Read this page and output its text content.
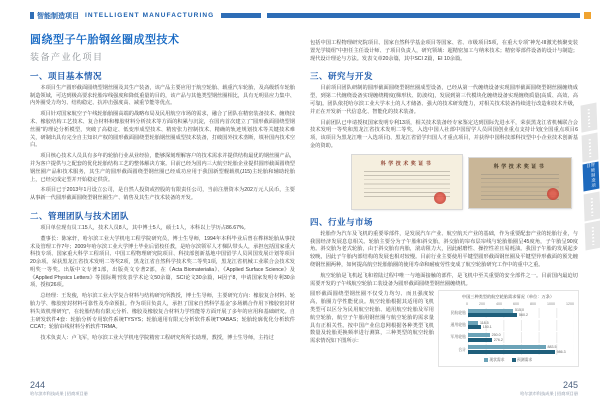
智能制造项目 INTELLIGENT MANUFACTURING
圆绕型子午胎钢丝圈成型技术
装备产业化项目
一、项目基本情况

本项目生产圆形截面圆绕型钢丝圈及其生产装备，该产品主要应用于航空轮胎、载重汽车轮胎，及高级轿车轮胎制造领域，可达到极高要求轮胎帘线强度和降低重量的目的，该产品与其他类型钢丝圈相比，具有无明显应力集中、内外圈受力均匀、结构稳定、抗冲击强度高、减重节能等优点。

项目针对国家航空子午线轮胎胎圈高端的战略布局及民用航空市场的需求，融合了团队在精密装备技术、缠绕技术、橡胶结构工艺技术、复合材料和橡胶材料分析技术等方面的积累与沉淀，在国内首次建立了“圆形截面圆绕型钢丝圈”的理论分析模型，突破了高稳定、低变形成型技术、精密张力控制技术、精确的轨迹规划技术等关键技术难关，研制出具有完全自主知识产权的圆形截面圆绕型轮胎钢丝圈成型技术装备，打破国外技术垄断，填补国内技术空白。

项目核心技术人员具有多年的轮胎行业从业经验，能够深刻理解客户的技术需求并提供结构最优的钢丝圈产品，并为客户提供与之配套的优化轮胎结构工艺的整体解决方案。目前已经为国内三大航空轮胎企业提供圆形截面圆绕型钢丝圈产品和技术服务，其生产的圆形截面圆绕型钢丝圈已经成功应用于我国新型舰载机(J15)主轮胎和辅助轮胎上，已经完成定型并开始稳定供货。

本项目已于2013年1月设立公司，是自然人投资或控股的有限责任公司，当前注册资本为202万元人民币，主要从事新一代圆形截面圆绕型钢丝圈生产、销售及其生产技术装备的开发。

二、管理团队与技术团队

项目单位现有员工15人，技术人员8人，其中博士5人，硕士1人，本科以上学历占86.67%。

董事长：陈家轩，哈尔滨工业大学机电工程学院研究员，博士生导师，1994年本科毕业后曾在桦林轮胎从事技术及管理工作7年；2009年哈尔滨工业大学博士毕业后留校任教，是哈尔滨领军人才梯队带头人，承担包括国家重大科技专项、国家重大科学工程项目、中国工程物理研究院项目、科技部创新基地中国留学人员回国发展计划等项目20余项。荣获黑龙江省技术发明二等奖2项，黑龙江省自然科学技术奖二等奖1项，黑龙江省机械工业联合会技术发明奖一等奖。出版中文专著1部，出版英文专著2部，在《Acta Biomaterialia》、《Applied Surface Science》及《Applied Physics Letters》等国际期刊发表学术论文50余篇，SCI论文30余篇，H因子8，申请国家发明专利30余项，授权26项。

总经理：王发俊，哈尔滨工业大学复合材料与结构研究所教授，博士生导师，主要研究方向：橡胶复合材料、轮胎力学、橡胶密封材料可靠性及寿命预报。作为项目负责人，承担了国家自然科学基金“多场耦合作用下橡胶密封材料失效机理研究”，在轮胎结构有限元分析、橡胶及橡胶复合材料力学性能等方面开展了多年的应用和基础研究。自主研发软件4套：轮胎分析专用软件系统TYSYS；轮胎通用有限元分析软件系统TYABAS；轮胎轮廓优化分析软件CCAT；轮胎帘线材料分析软件TRMA。

技术负责人：卢飞军，哈尔滨工业大学机电学院精密工程研究所所长助理，教授，博士生导师，主持过

244
哈尔滨市科技成果 | 招商项目册

包括中国工程物理研究院项目、国家自然科学基金项目等国家、省、市级项目5项，在重大专项“神光-III激光核聚变装置光学镜组”中担任主任设计师、子项目负责人，研究领域：超精密加工与纳米技术；精密零部件设备的设计与制造；现代设计理论与方法。发表文章20余篇，其中SCI 2篇，EI 10余篇。

三、研究与开发

目前项目团队研制的圆形截面圆绕型钢丝圈成型设备，已经从第一代缠绕设备实现圆形截面圆绕型钢丝圈缠绕成型，到第二代缠绕设备实现缠绕精度(梯形状、防波纹)，发展到第三代模块化缠绕设备实现缠绕质量(高质、高效、高可靠)。团队依托哈尔滨工业大学本土的人才储备、强大的技术研发能力，对相关技术装备持续进行改造和技术升级，并正在开发新一代信息化、智能化的技术装备。

目前团队已申请授权国家发明专利13项，相关技术装备经专家鉴定达到国际先进水平，荣获黑龙江省机械联合会技术发明一等奖和黑龙江省技术发明二等奖，入选中国人社部中国留学人员回国创业重点支持计划(全国重点项目6项，该项目为黑龙江唯一入选项目)、黑龙江省留学归国人才重点项目，并获得中国科技部科技型中小企业技术创新基金的资助。

科学技术奖证书	科学技术奖证书
四、行业与市场

轮胎作为汽车及飞机的重要零部件，是发展汽车产业、航空航天产业的基础，作为重要配套产业的轮胎行业，与我国经济发展息息相关。轮胎主要分为子午胎和斜交胎，斜交胎的帘布层帘线与轮胎胎圈呈45度角，子午胎呈90度角。斜交胎为老式轮胎，由于斜交胎有内胎，滚动阻力大，因此耐磨性、操控性差且易耗油。我国子午胎的发展起步较晚，因此子午胎内部结构的发展也相对较慢。目前行业主要使用平键型圆形截面钢丝圈及平键型异形截面的预先缠绕钢丝圈两种，如何提高航空轮胎胎圈的使用寿命和耐疲劳性变成了航空轮胎研究工作中的重中之重。

航空轮胎是飞机起飞和着陆过程中唯一与地面接触的部件，是飞机中至关重要的安全部件之一。目前国内最迫切需要开发的子午线航空轮胎工装设备为圆形截面圆绕型钢丝圈缠绕机。

圆形截面圆绕型钢丝圈不仅受力均匀、而且强度较高，胎圈力学性能优良。航空轮胎根据其适用的飞机类型可以区分为民用航空轮胎、通用航空轮胎及军用航空轮胎，航空子午胎用钢丝圈与航空轮胎的需求量具有正相关性。按中国产业信息网根据各种类型飞机数量及轮胎更换频率进行测算，三种类型的航空轮胎需求情况如下图所示：

中国三种类型的航空轮胎需求情况（单位：万条）
0	200	400	600	800	1000	1200
民航轮胎	515.0
560.2
通用轮胎	118.5
150.1
军用轮胎	250.0
276.2
合计	883.5
986.3
现状需求	预测需求
245
哈尔滨市科技成果 | 招商项目册
智能制造项目
